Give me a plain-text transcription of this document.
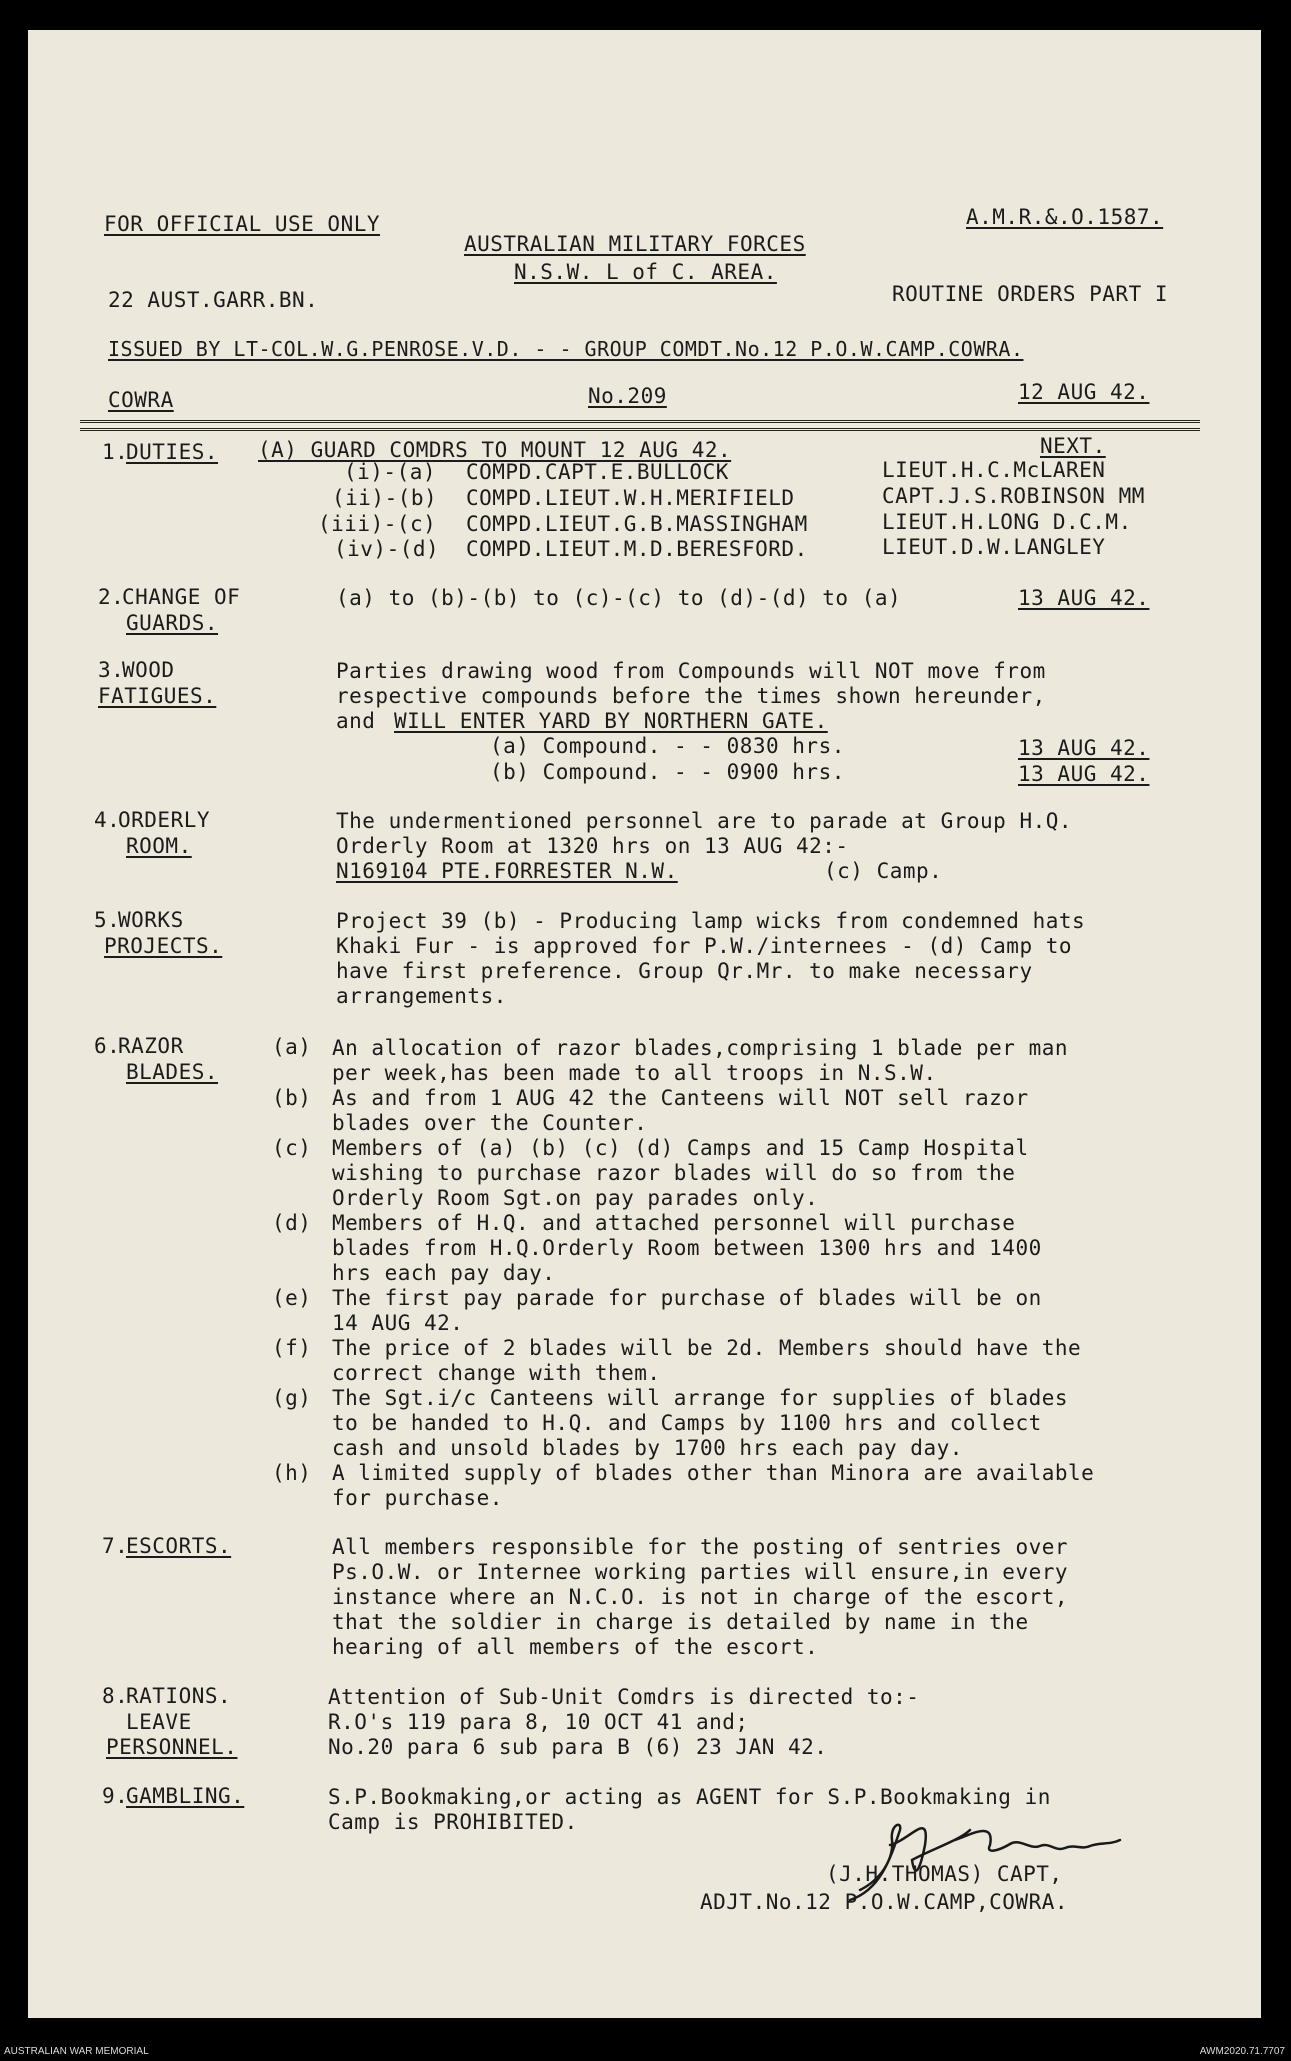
FOR OFFICIAL USE ONLY	A.M.R.&.O.1587.
AUSTRALIAN MILITARY FORCES
N.S.W. L of C. AREA.
22 AUST.GARR.BN.	ROUTINE ORDERS PART I
ISSUED BY LT-COL.W.G.PENROSE.V.D. - - GROUP COMDT.No.12 P.O.W.CAMP.COWRA.
COWRA	No.209	12 AUG 42.
1.
DUTIES. (A) GUARD COMDRS TO MOUNT 12 AUG 42.	NEXT.
(i)-(a) COMPD.CAPT.E.BULLOCK	LIEUT.H.C.McLAREN
(ii)-(b) COMPD.LIEUT.W.H.MERIFIELD	CAPT.J.S.ROBINSON MM
(iii)-(c) COMPD.LIEUT.G.B.MASSINGHAM	LIEUT.H.LONG D.C.M.
(iv)-(d) COMPD.LIEUT.M.D.BERESFORD.	LIEUT.D.W.LANGLEY
2.
CHANGE OF
GUARDS.
(a) to (b)-(b) to (c)-(c) to (d)-(d) to (a)	13 AUG 42.
3.
WOOD
FATIGUES.
Parties drawing wood from Compounds will NOT move from
respective compounds before the times shown hereunder,
and WILL ENTER YARD BY NORTHERN GATE.
(a) Compound. - - 0830 hrs.	13 AUG 42.
(b) Compound. - - 0900 hrs.	13 AUG 42.
4.
ORDERLY
ROOM.
The undermentioned personnel are to parade at Group H.Q.
Orderly Room at 1320 hrs on 13 AUG 42:-
N169104 PTE.FORRESTER N.W.	(c) Camp.
5.
WORKS
PROJECTS.
Project 39 (b) - Producing lamp wicks from condemned hats
Khaki Fur - is approved for P.W./internees - (d) Camp to
have first preference. Group Qr.Mr. to make necessary
arrangements.
6.
RAZOR
BLADES.
(a) An allocation of razor blades,comprising 1 blade per man
per week,has been made to all troops in N.S.W.
(b) As and from 1 AUG 42 the Canteens will NOT sell razor
blades over the Counter.
(c) Members of (a) (b) (c) (d) Camps and 15 Camp Hospital
wishing to purchase razor blades will do so from the
Orderly Room Sgt.on pay parades only.
(d) Members of H.Q. and attached personnel will purchase
blades from H.Q.Orderly Room between 1300 hrs and 1400
hrs each pay day.
(e) The first pay parade for purchase of blades will be on
14 AUG 42.
(f) The price of 2 blades will be 2d. Members should have the
correct change with them.
(g) The Sgt.i/c Canteens will arrange for supplies of blades
to be handed to H.Q. and Camps by 1100 hrs and collect
cash and unsold blades by 1700 hrs each pay day.
(h) A limited supply of blades other than Minora are available
for purchase.
7.
ESCORTS.	All members responsible for the posting of sentries over
Ps.O.W. or Internee working parties will ensure,in every
instance where an N.C.O. is not in charge of the escort,
that the soldier in charge is detailed by name in the
hearing of all members of the escort.
8.
RATIONS.
LEAVE
PERSONNEL.
Attention of Sub-Unit Comdrs is directed to:-
R.O's 119 para 8, 10 OCT 41 and;
No.20 para 6 sub para B (6) 23 JAN 42.
9.
GAMBLING.	S.P.Bookmaking,or acting as AGENT for S.P.Bookmaking in
Camp is PROHIBITED.
(J.H.THOMAS) CAPT,
ADJT.No.12 P.O.W.CAMP,COWRA.
AUSTRALIAN WAR MEMORIAL	AWM2020.71.7707
